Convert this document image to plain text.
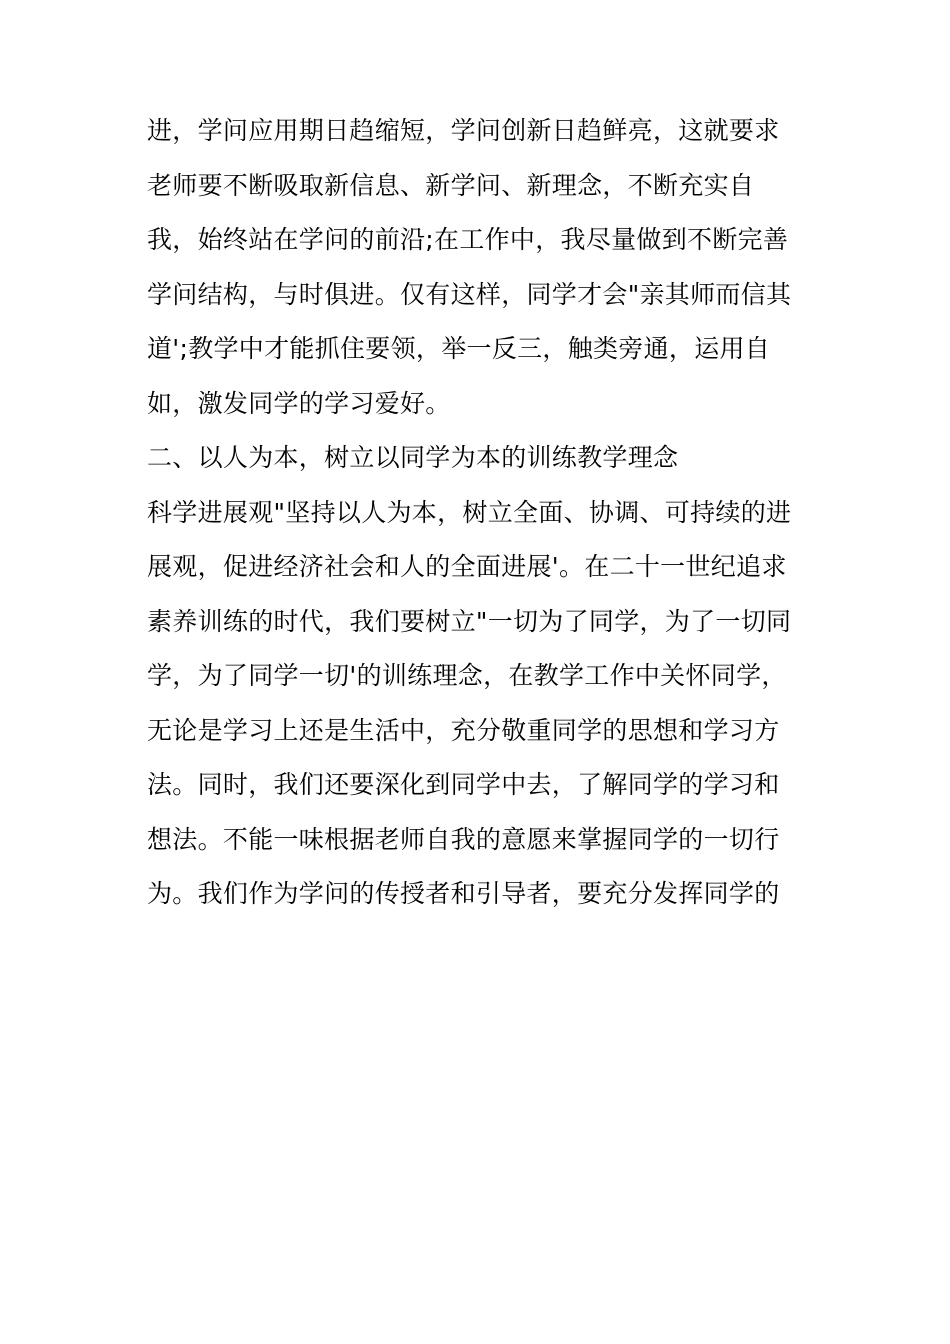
进，学问应用期日趋缩短，学问创新日趋鲜亮，这就要求
老师要不断吸取新信息、新学问、新理念，不断充实自
我，始终站在学问的前沿;在工作中，我尽量做到不断完善
学问结构，与时俱进。仅有这样，同学才会"亲其师而信其
道';教学中才能抓住要领，举一反三，触类旁通，运用自
如，激发同学的学习爱好。
二、以人为本，树立以同学为本的训练教学理念
科学进展观"坚持以人为本，树立全面、协调、可持续的进
展观，促进经济社会和人的全面进展'。在二十一世纪追求
素养训练的时代，我们要树立"一切为了同学，为了一切同
学，为了同学一切'的训练理念，在教学工作中关怀同学，
无论是学习上还是生活中，充分敬重同学的思想和学习方
法。同时，我们还要深化到同学中去，了解同学的学习和
想法。不能一味根据老师自我的意愿来掌握同学的一切行
为。我们作为学问的传授者和引导者，要充分发挥同学的
